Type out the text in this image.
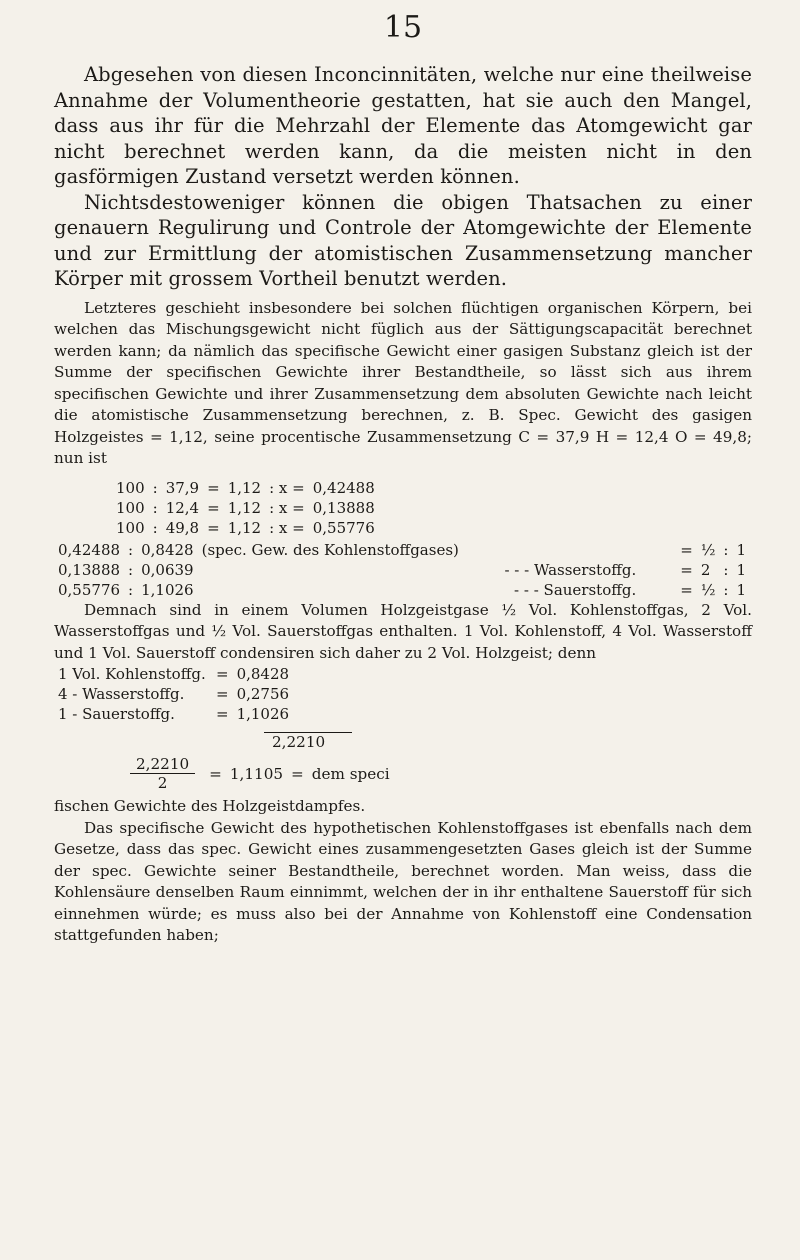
15

Abgesehen von diesen Inconcinnitäten, welche nur eine theilweise Annahme der Volumentheorie gestatten, hat sie auch den Mangel, dass aus ihr für die Mehrzahl der Elemente das Atomgewicht gar nicht berechnet werden kann, da die meisten nicht in den gasförmigen Zustand versetzt werden können.

Nichtsdestoweniger können die obigen Thatsachen zu einer genauern Regulirung und Controle der Atomgewichte der Elemente und zur Ermittlung der atomistischen Zusammensetzung mancher Körper mit grossem Vortheil benutzt werden.

Letzteres geschieht insbesondere bei solchen flüchtigen organischen Körpern, bei welchen das Mischungsgewicht nicht füglich aus der Sättigungscapacität berechnet werden kann; da nämlich das specifische Gewicht einer gasigen Substanz gleich ist der Summe der specifischen Gewichte ihrer Bestandtheile, so lässt sich aus ihrem specifischen Gewichte und ihrer Zusammensetzung dem absoluten Gewichte nach leicht die atomistische Zusammensetzung berechnen, z. B. Spec. Gewicht des gasigen Holzgeistes = 1,12, seine procentische Zusammensetzung C = 37,9 H = 12,4 O = 49,8; nun ist

100	:	37,9	=	1,12	: x =	0,42488
100	:	12,4	=	1,12	: x =	0,13888
100	:	49,8	=	1,12	: x =	0,55776
0,42488	:	0,8428	(spec. Gew. des Kohlenstoffgases)	=	½	:	1
0,13888	:	0,0639	- - - Wasserstoffg.	=	2	:	1
0,55776	:	1,1026	- - - Sauerstoffg.	=	½	:	1

Demnach sind in einem Volumen Holzgeistgase ½ Vol. Kohlenstoffgas, 2 Vol. Wasserstoffgas und ½ Vol. Sauerstoffgas enthalten. 1 Vol. Kohlenstoff, 4 Vol. Wasserstoff und 1 Vol. Sauerstoff condensiren sich daher zu 2 Vol. Holzgeist; denn

1 Vol. Kohlenstoffg.	=	0,8428
4 - Wasserstoffg.	=	0,2756
1 - Sauerstoffg.	=	1,1026
2,2210
$\frac{2,2210}{2} = 1,1105$ = dem speci

fischen Gewichte des Holzgeistdampfes.

Das specifische Gewicht des hypothetischen Kohlenstoffgases ist ebenfalls nach dem Gesetze, dass das spec. Gewicht eines zusammengesetzten Gases gleich ist der Summe der spec. Gewichte seiner Bestandtheile, berechnet worden. Man weiss, dass die Kohlensäure denselben Raum einnimmt, welchen der in ihr enthaltene Sauerstoff für sich einnehmen würde; es muss also bei der Annahme von Kohlenstoff eine Condensation stattgefunden haben;
